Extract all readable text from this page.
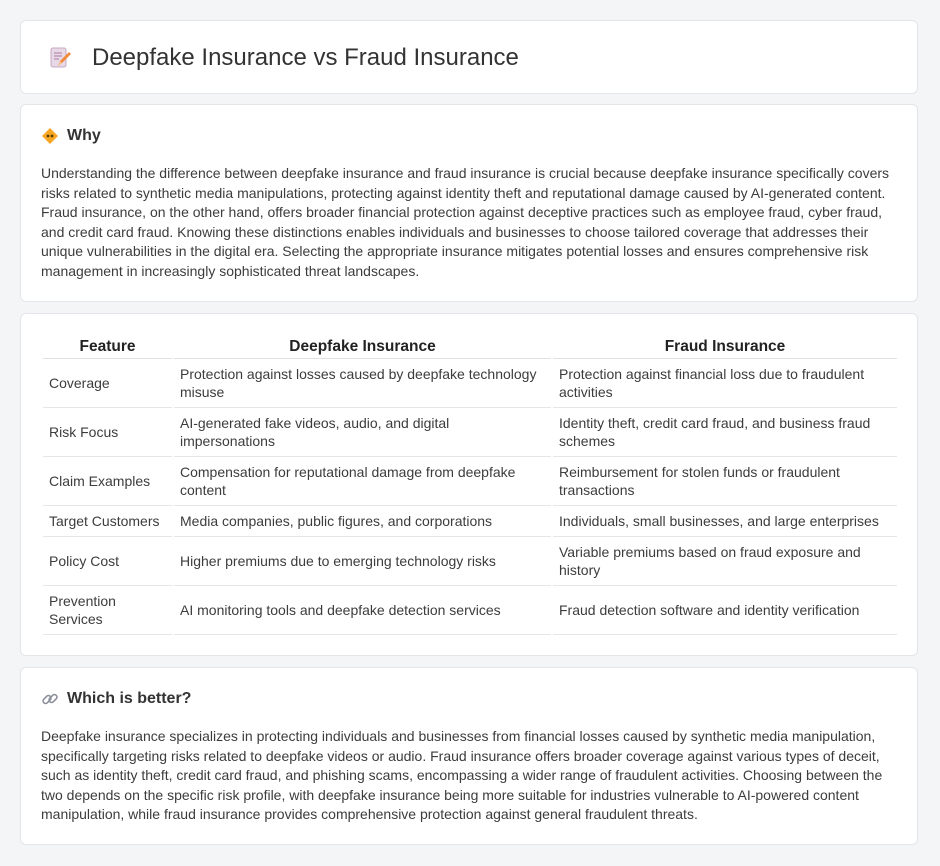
Deepfake Insurance vs Fraud Insurance
Why

Understanding the difference between deepfake insurance and fraud insurance is crucial because deepfake insurance specifically covers risks related to synthetic media manipulations, protecting against identity theft and reputational damage caused by AI-generated content. Fraud insurance, on the other hand, offers broader financial protection against deceptive practices such as employee fraud, cyber fraud, and credit card fraud. Knowing these distinctions enables individuals and businesses to choose tailored coverage that addresses their unique vulnerabilities in the digital era. Selecting the appropriate insurance mitigates potential losses and ensures comprehensive risk management in increasingly sophisticated threat landscapes.

Feature	Deepfake Insurance	Fraud Insurance
Coverage	Protection against losses caused by deepfake technology misuse	Protection against financial loss due to fraudulent activities
Risk Focus	AI-generated fake videos, audio, and digital impersonations	Identity theft, credit card fraud, and business fraud schemes
Claim Examples	Compensation for reputational damage from deepfake content	Reimbursement for stolen funds or fraudulent transactions
Target Customers	Media companies, public figures, and corporations	Individuals, small businesses, and large enterprises
Policy Cost	Higher premiums due to emerging technology risks	Variable premiums based on fraud exposure and history
Prevention Services	AI monitoring tools and deepfake detection services	Fraud detection software and identity verification
Which is better?

Deepfake insurance specializes in protecting individuals and businesses from financial losses caused by synthetic media manipulation, specifically targeting risks related to deepfake videos or audio. Fraud insurance offers broader coverage against various types of deceit, such as identity theft, credit card fraud, and phishing scams, encompassing a wider range of fraudulent activities. Choosing between the two depends on the specific risk profile, with deepfake insurance being more suitable for industries vulnerable to AI-powered content manipulation, while fraud insurance provides comprehensive protection against general fraudulent threats.
